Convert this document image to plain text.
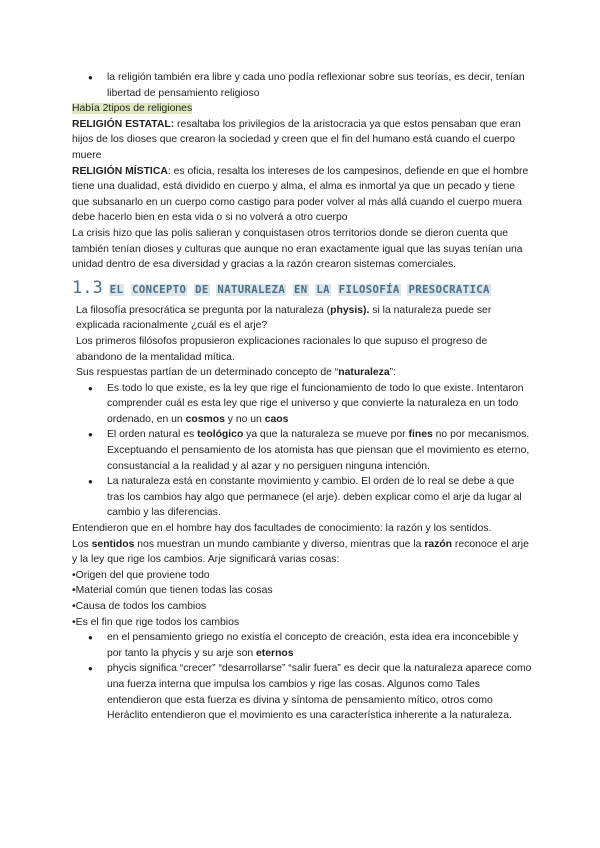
● la religión también era libre y cada uno podía reflexionar sobre sus teorías, es decir, tenían libertad de pensamiento religioso

Había 2tipos de religiones

RELIGIÓN ESTATAL: resaltaba los privilegios de la aristocracia ya que estos pensaban que eran hijos de los dioses que crearon la sociedad y creen que el fin del humano está cuando el cuerpo muere

RELIGIÓN MÍSTICA: es oficia, resalta los intereses de los campesinos, defiende en que el hombre tiene una dualidad, está dividido en cuerpo y alma, el alma es inmortal ya que un pecado y tiene que subsanarlo en un cuerpo como castigo para poder volver al más allá cuando el cuerpo muera debe hacerlo bien en esta vida o si no volverá a otro cuerpo

La crisis hizo que las polis salieran y conquistasen otros territorios donde se dieron cuenta que también tenían dioses y culturas que aunque no eran exactamente igual que las suyas tenían una unidad dentro de esa diversidad y gracias a la razón crearon sistemas comerciales.

1.3 EL CONCEPTO DE NATURALEZA EN LA FILOSOFÍA PRESOCRATICA

La filosofía presocrática se pregunta por la naturaleza (physis). si la naturaleza puede ser explicada racionalmente ¿cuál es el arje?

Los primeros filósofos propusieron explicaciones racionales lo que supuso el progreso de abandono de la mentalidad mítica.

Sus respuestas partían de un determinado concepto de “naturaleza”:

● Es todo lo que existe, es la ley que rige el funcionamiento de todo lo que existe. Intentaron comprender cuál es esta ley que rige el universo y que convierte la naturaleza en un todo ordenado, en un cosmos y no un caos
● El orden natural es teológico ya que la naturaleza se mueve por fines no por mecanismos. Exceptuando el pensamiento de los atomista has que piensan que el movimiento es eterno, consustancial a la realidad y al azar y no persiguen ninguna intención.
● La naturaleza está en constante movimiento y cambio. El orden de lo real se debe a que tras los cambios hay algo que permanece (el arje). deben explicar como el arje da lugar al cambio y las diferencias.

Entendieron que en el hombre hay dos facultades de conocimiento: la razón y los sentidos.

Los sentidos nos muestran un mundo cambiante y diverso, mientras que la razón reconoce el arje y la ley que rige los cambios. Arje significará varias cosas:

•Origen del que proviene todo

•Material común que tienen todas las cosas

•Causa de todos los cambios

•Es el fin que rige todos los cambios

● en el pensamiento griego no existía el concepto de creación, esta idea era inconcebible y por tanto la phycis y su arje son eternos
● phycis significa “crecer” “desarrollarse” “salir fuera” es decir que la naturaleza aparece como una fuerza interna que impulsa los cambios y rige las cosas. Algunos como Tales entendieron que esta fuerza es divina y síntoma de pensamiento mítico, otros como Heráclito entendieron que el movimiento es una característica inherente a la naturaleza.
